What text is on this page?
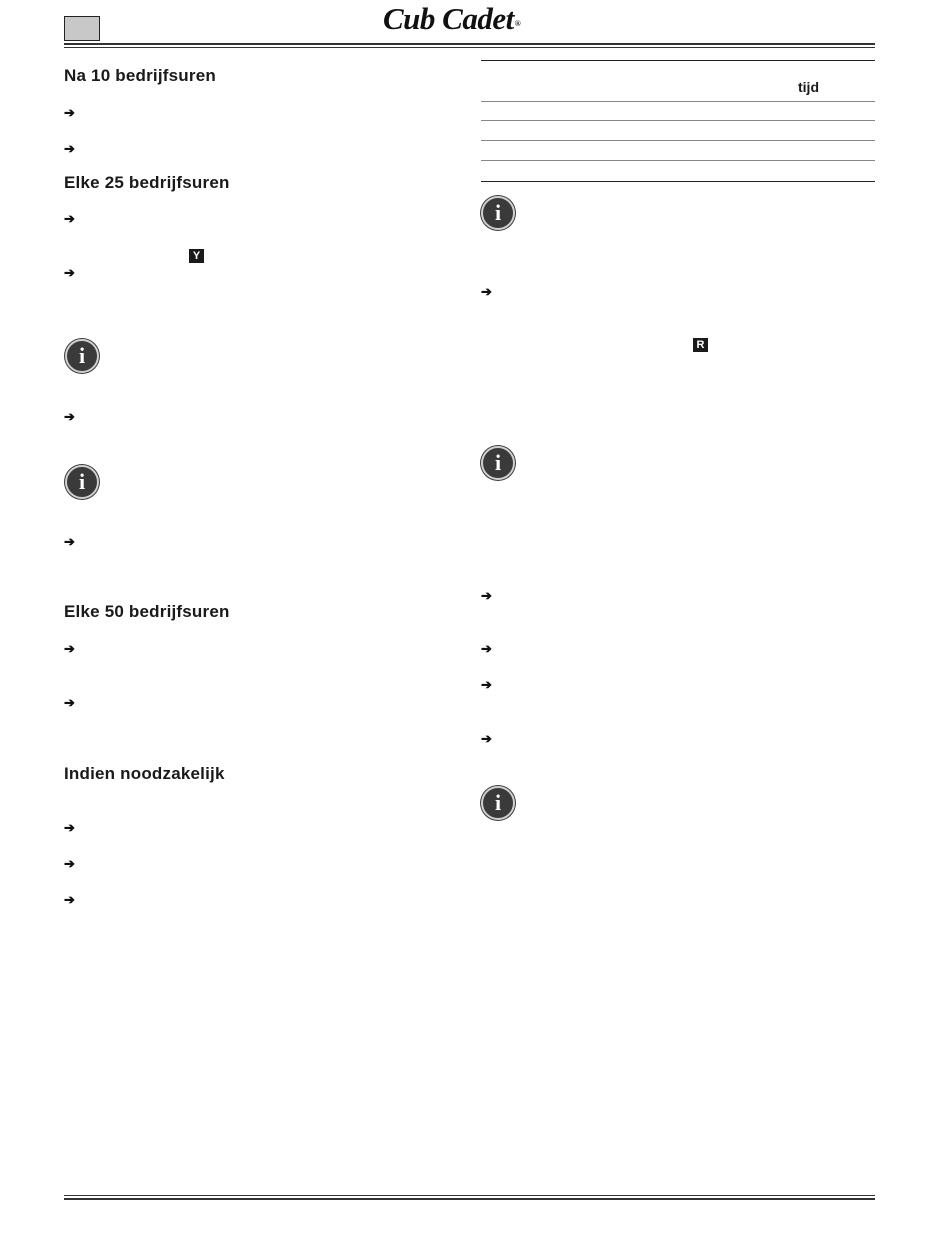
Cub Cadet®
Na 10 bedrijfsuren
➔
➔
Elke 25 bedrijfsuren
➔
Y
➔
i
➔
i
➔
Elke 50 bedrijfsuren
➔
➔
Indien noodzakelijk
➔
➔
➔
tijd
i
➔
R
i
➔
➔
➔
➔
i
